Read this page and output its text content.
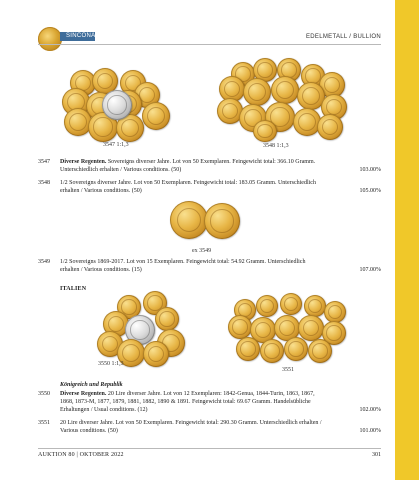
SINCONA	EDELMETALL / BULLION
3547 1:1,3	3548 1:1,3
3547	Diverse Regenten. Sovereigns diverser Jahre. Lot von 50 Exemplaren. Feingewicht total: 366.10 Gramm. Unterschiedlich erhalten / Various conditions. (50)	103.00%
3548	1/2 Sovereigns diverser Jahre. Lot von 50 Exemplaren. Feingewicht total: 183.05 Gramm. Unterschiedlich erhalten / Various conditions. (50)	105.00%
ex 3549
3549	1/2 Sovereigns 1869-2017. Lot von 15 Exemplaren. Feingewicht total: 54.92 Gramm. Unterschiedlich erhalten / Various conditions. (15)	107.00%
ITALIEN
3550 1:1,3
3551
Königreich und Republik
3550	Diverse Regenten. 20 Lire diverser Jahre. Lot von 12 Exemplaren: 1842-Genua, 1844-Turin, 1863, 1867, 1868, 1873-M, 1877, 1879, 1881, 1882, 1890 & 1891. Feingewicht total: 69.67 Gramm. Handelsübliche Erhaltungen / Usual conditions. (12)	102.00%
3551	20 Lire diverser Jahre. Lot von 50 Exemplaren. Feingewicht total: 290.30 Gramm. Unterschiedlich erhalten / Various conditions. (50)	101.00%
AUKTION 80 | OKTOBER 2022	301
